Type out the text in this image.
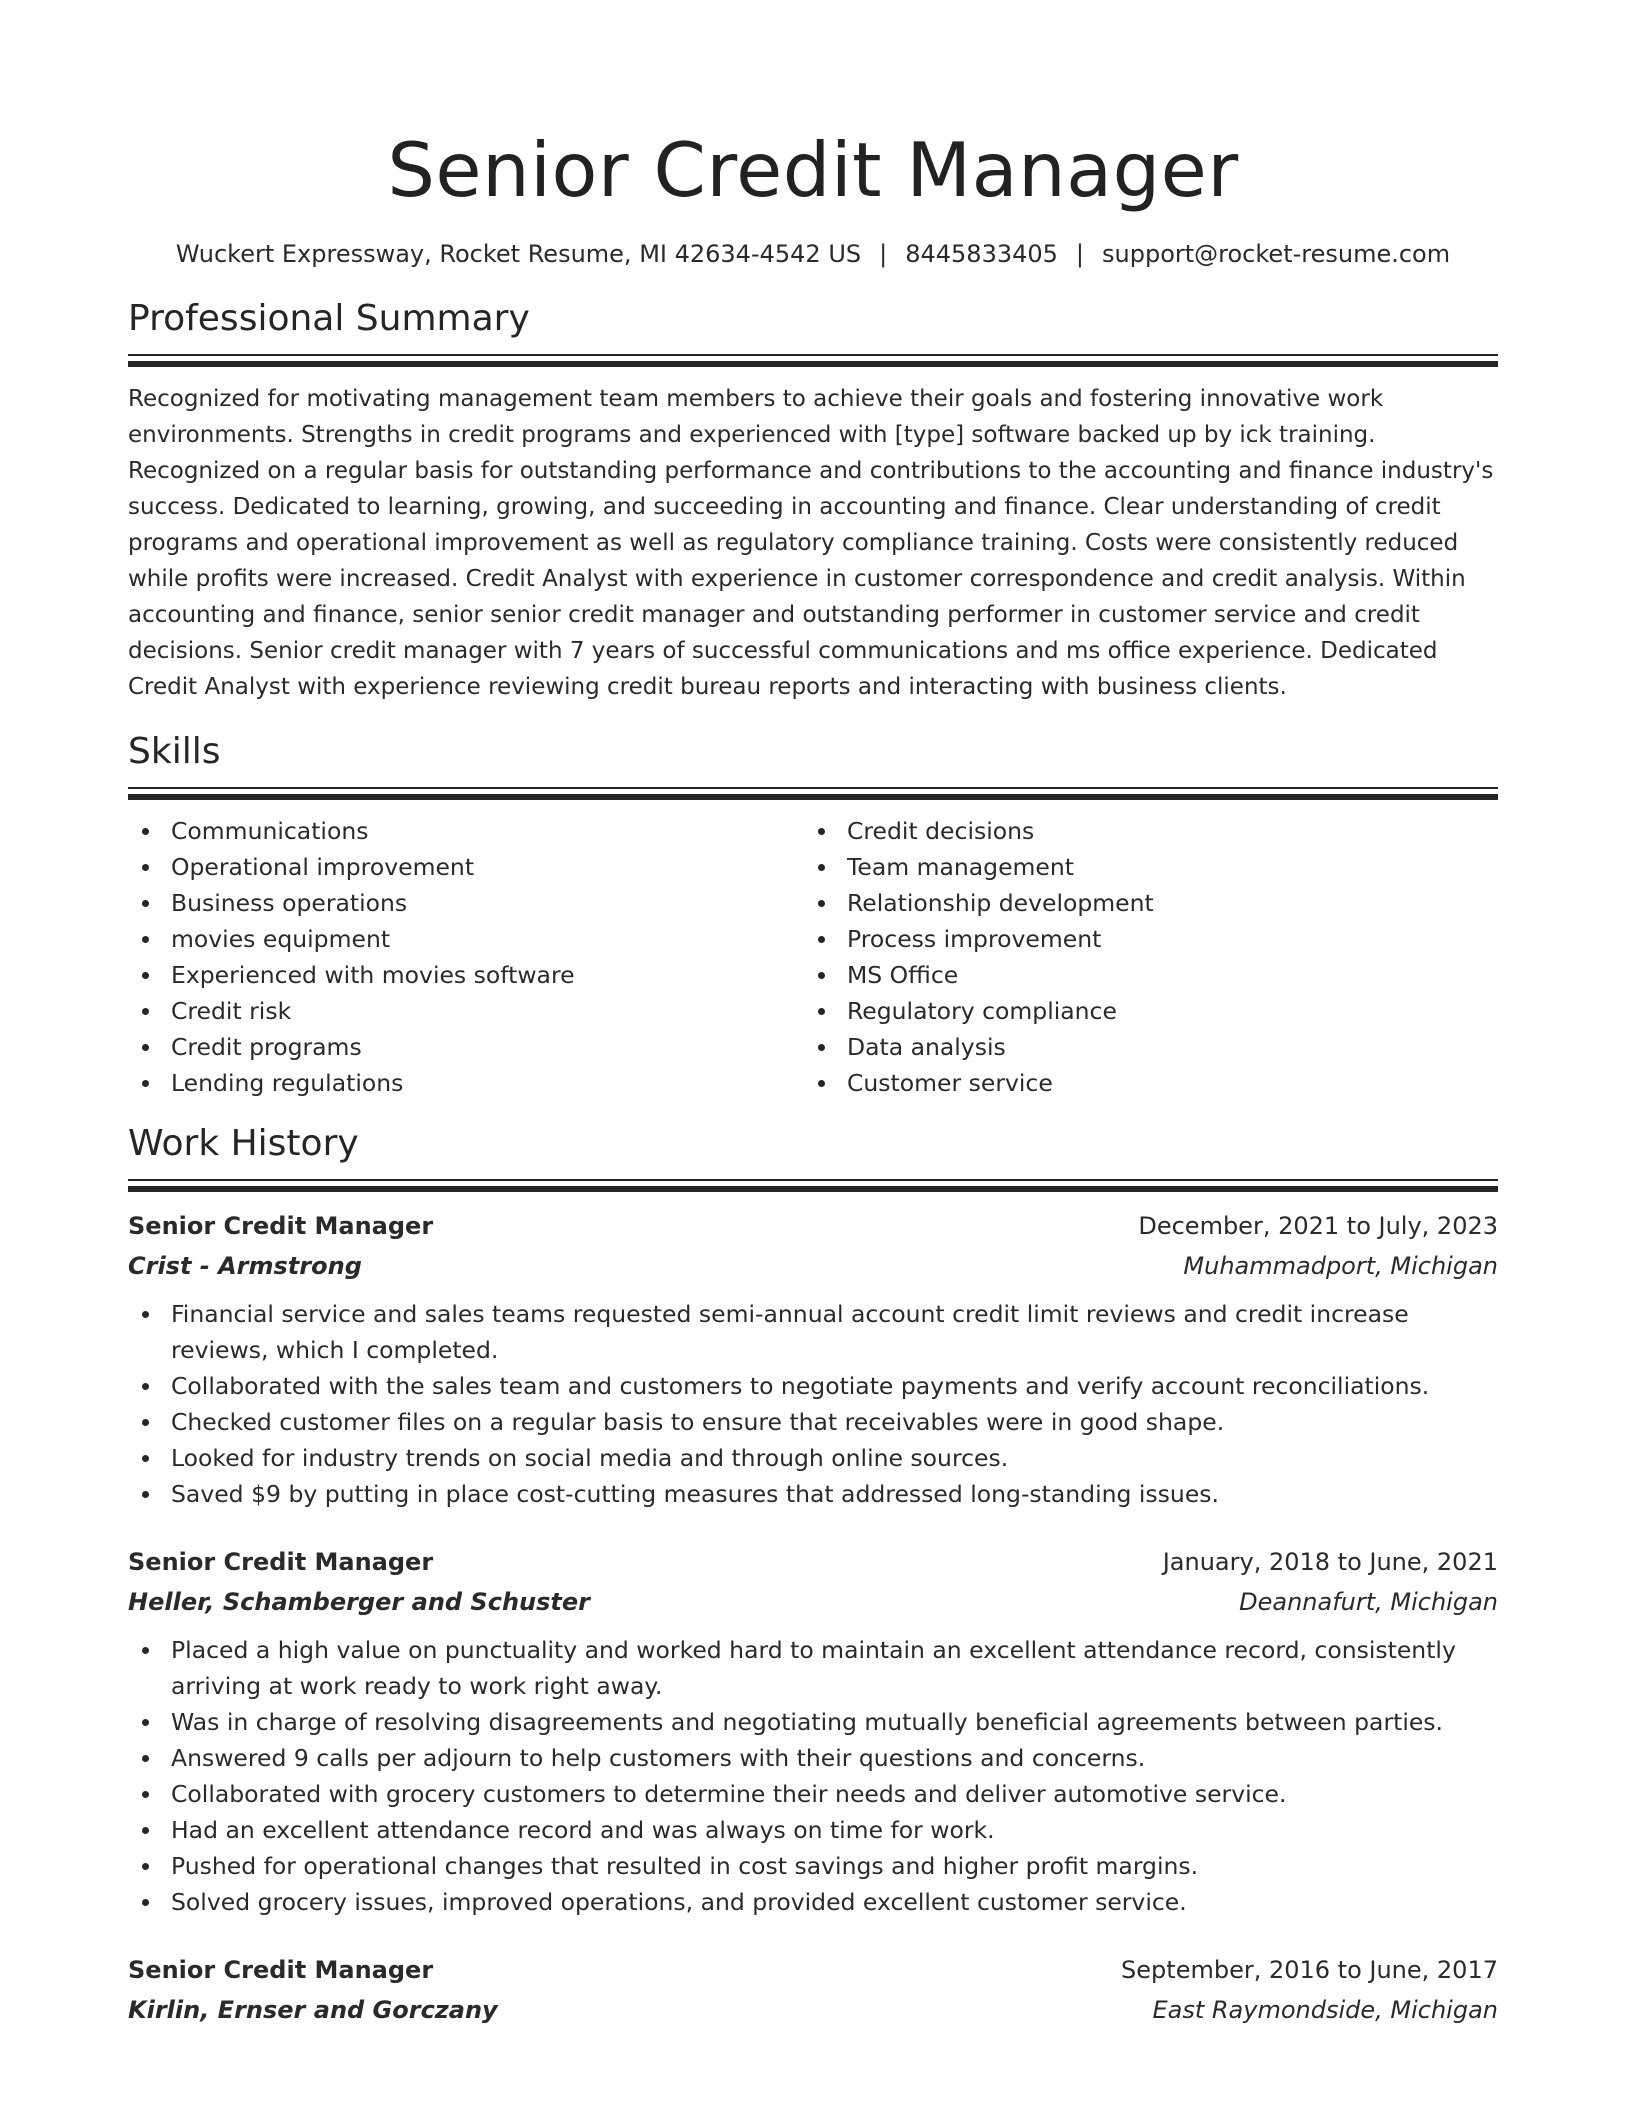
Senior Credit Manager
Wuckert Expressway, Rocket Resume, MI 42634-4542 US | 8445833405 | support@rocket-resume.com
Professional Summary
Recognized for motivating management team members to achieve their goals and fostering innovative work
environments. Strengths in credit programs and experienced with [type] software backed up by ick training.
Recognized on a regular basis for outstanding performance and contributions to the accounting and finance industry's
success. Dedicated to learning, growing, and succeeding in accounting and finance. Clear understanding of credit
programs and operational improvement as well as regulatory compliance training. Costs were consistently reduced
while profits were increased. Credit Analyst with experience in customer correspondence and credit analysis. Within
accounting and finance, senior senior credit manager and outstanding performer in customer service and credit
decisions. Senior credit manager with 7 years of successful communications and ms office experience. Dedicated
Credit Analyst with experience reviewing credit bureau reports and interacting with business clients.
Skills
Communications
Operational improvement
Business operations
movies equipment
Experienced with movies software
Credit risk
Credit programs
Lending regulations
Credit decisions
Team management
Relationship development
Process improvement
MS Office
Regulatory compliance
Data analysis
Customer service
Work History
Senior Credit Manager	December, 2021 to July, 2023
Crist - Armstrong	Muhammadport, Michigan
Financial service and sales teams requested semi-annual account credit limit reviews and credit increase reviews, which I completed.
Collaborated with the sales team and customers to negotiate payments and verify account reconciliations.
Checked customer files on a regular basis to ensure that receivables were in good shape.
Looked for industry trends on social media and through online sources.
Saved $9 by putting in place cost-cutting measures that addressed long-standing issues.
Senior Credit Manager	January, 2018 to June, 2021
Heller, Schamberger and Schuster	Deannafurt, Michigan
Placed a high value on punctuality and worked hard to maintain an excellent attendance record, consistently arriving at work ready to work right away.
Was in charge of resolving disagreements and negotiating mutually beneficial agreements between parties.
Answered 9 calls per adjourn to help customers with their questions and concerns.
Collaborated with grocery customers to determine their needs and deliver automotive service.
Had an excellent attendance record and was always on time for work.
Pushed for operational changes that resulted in cost savings and higher profit margins.
Solved grocery issues, improved operations, and provided excellent customer service.
Senior Credit Manager	September, 2016 to June, 2017
Kirlin, Ernser and Gorczany	East Raymondside, Michigan
